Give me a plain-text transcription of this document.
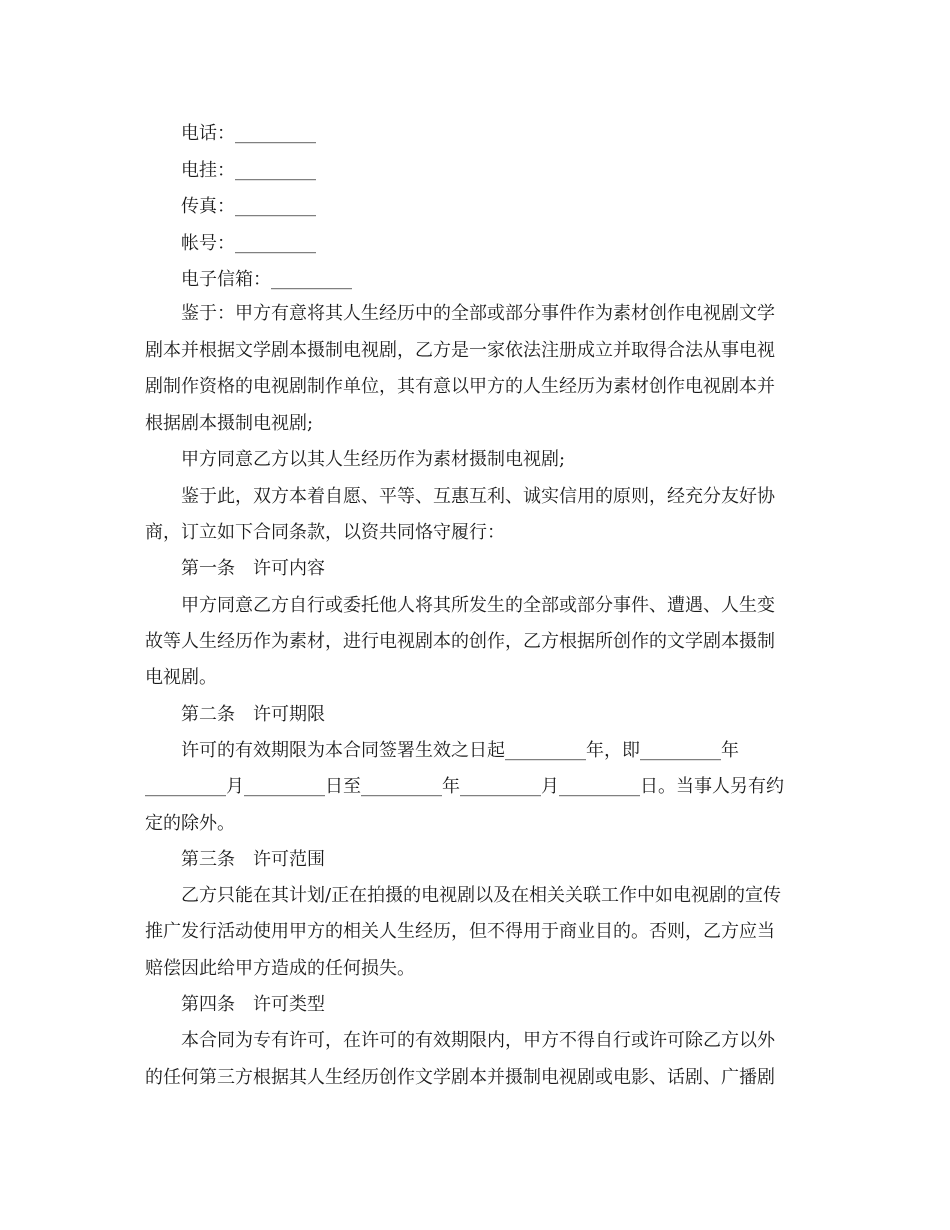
电话：_________
电挂：_________
传真：_________
帐号：_________
电子信箱：_________
鉴于：甲方有意将其人生经历中的全部或部分事件作为素材创作电视剧文学
剧本并根据文学剧本摄制电视剧，乙方是一家依法注册成立并取得合法从事电视
剧制作资格的电视剧制作单位，其有意以甲方的人生经历为素材创作电视剧本并
根据剧本摄制电视剧;
甲方同意乙方以其人生经历作为素材摄制电视剧;
鉴于此，双方本着自愿、平等、互惠互利、诚实信用的原则，经充分友好协
商，订立如下合同条款，以资共同恪守履行：
第一条　许可内容
甲方同意乙方自行或委托他人将其所发生的全部或部分事件、遭遇、人生变
故等人生经历作为素材，进行电视剧本的创作，乙方根据所创作的文学剧本摄制
电视剧。
第二条　许可期限
许可的有效期限为本合同签署生效之日起_________年，即_________年
_________月_________日至_________年_________月_________日。当事人另有约
定的除外。
第三条　许可范围
乙方只能在其计划/正在拍摄的电视剧以及在相关关联工作中如电视剧的宣传
推广发行活动使用甲方的相关人生经历，但不得用于商业目的。否则，乙方应当
赔偿因此给甲方造成的任何损失。
第四条　许可类型
本合同为专有许可，在许可的有效期限内，甲方不得自行或许可除乙方以外
的任何第三方根据其人生经历创作文学剧本并摄制电视剧或电影、话剧、广播剧
